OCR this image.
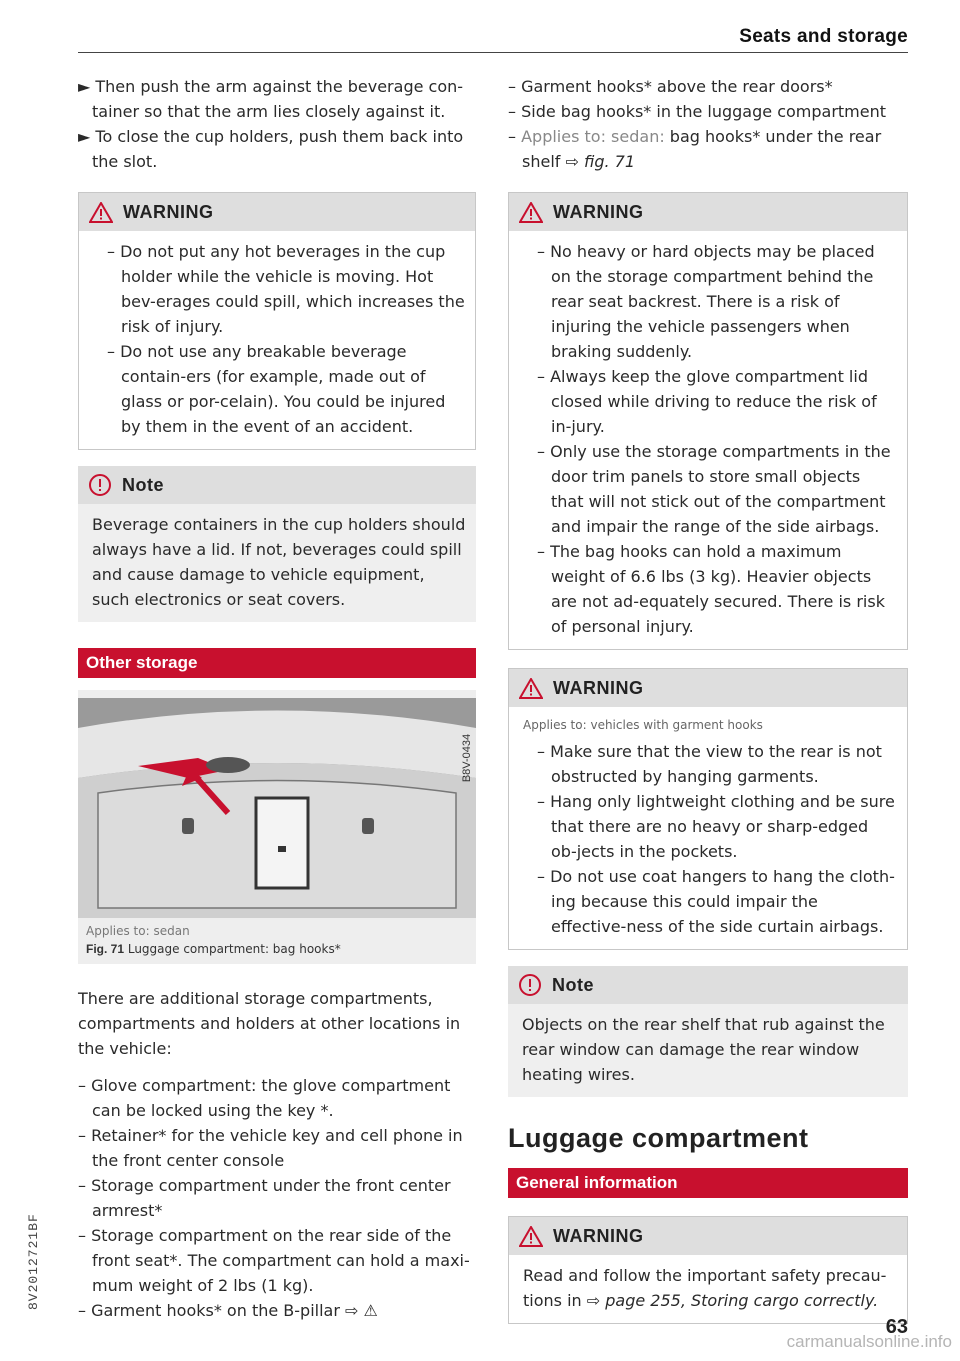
Seats and storage

► Then push the arm against the beverage con-tainer so that the arm lies closely against it.

► To close the cup holders, push them back into the slot.

WARNING

– Do not put any hot beverages in the cup holder while the vehicle is moving. Hot bev-erages could spill, which increases the risk of injury.

– Do not use any breakable beverage contain-ers (for example, made out of glass or por-celain). You could be injured by them in the event of an accident.

Note

Beverage containers in the cup holders should always have a lid. If not, beverages could spill and cause damage to vehicle equipment, such electronics or seat covers.

Other storage
B8V-0434
Applies to: sedan
Fig. 71 Luggage compartment: bag hooks*

There are additional storage compartments, compartments and holders at other locations in the vehicle:

– Glove compartment: the glove compartment can be locked using the key *.

– Retainer* for the vehicle key and cell phone in the front center console

– Storage compartment under the front center armrest*

– Storage compartment on the rear side of the front seat*. The compartment can hold a maxi-mum weight of 2 lbs (1 kg).

– Garment hooks* on the B-pillar ⇨ ⚠

– Garment hooks* above the rear doors*

– Side bag hooks* in the luggage compartment

– Applies to: sedan: bag hooks* under the rear shelf ⇨ fig. 71

WARNING

– No heavy or hard objects may be placed on the storage compartment behind the rear seat backrest. There is a risk of injuring the vehicle passengers when braking suddenly.

– Always keep the glove compartment lid closed while driving to reduce the risk of in-jury.

– Only use the storage compartments in the door trim panels to store small objects that will not stick out of the compartment and impair the range of the side airbags.

– The bag hooks can hold a maximum weight of 6.6 lbs (3 kg). Heavier objects are not ad-equately secured. There is risk of personal injury.

WARNING
Applies to: vehicles with garment hooks

– Make sure that the view to the rear is not obstructed by hanging garments.

– Hang only lightweight clothing and be sure that there are no heavy or sharp-edged ob-jects in the pockets.

– Do not use coat hangers to hang the cloth-ing because this could impair the effective-ness of the side curtain airbags.

Note

Objects on the rear shelf that rub against the rear window can damage the rear window heating wires.

Luggage compartment
General information
WARNING

Read and follow the important safety precau-tions in ⇨ page 255, Storing cargo correctly.

63
8V2012721BF
carmanualsonline.info
